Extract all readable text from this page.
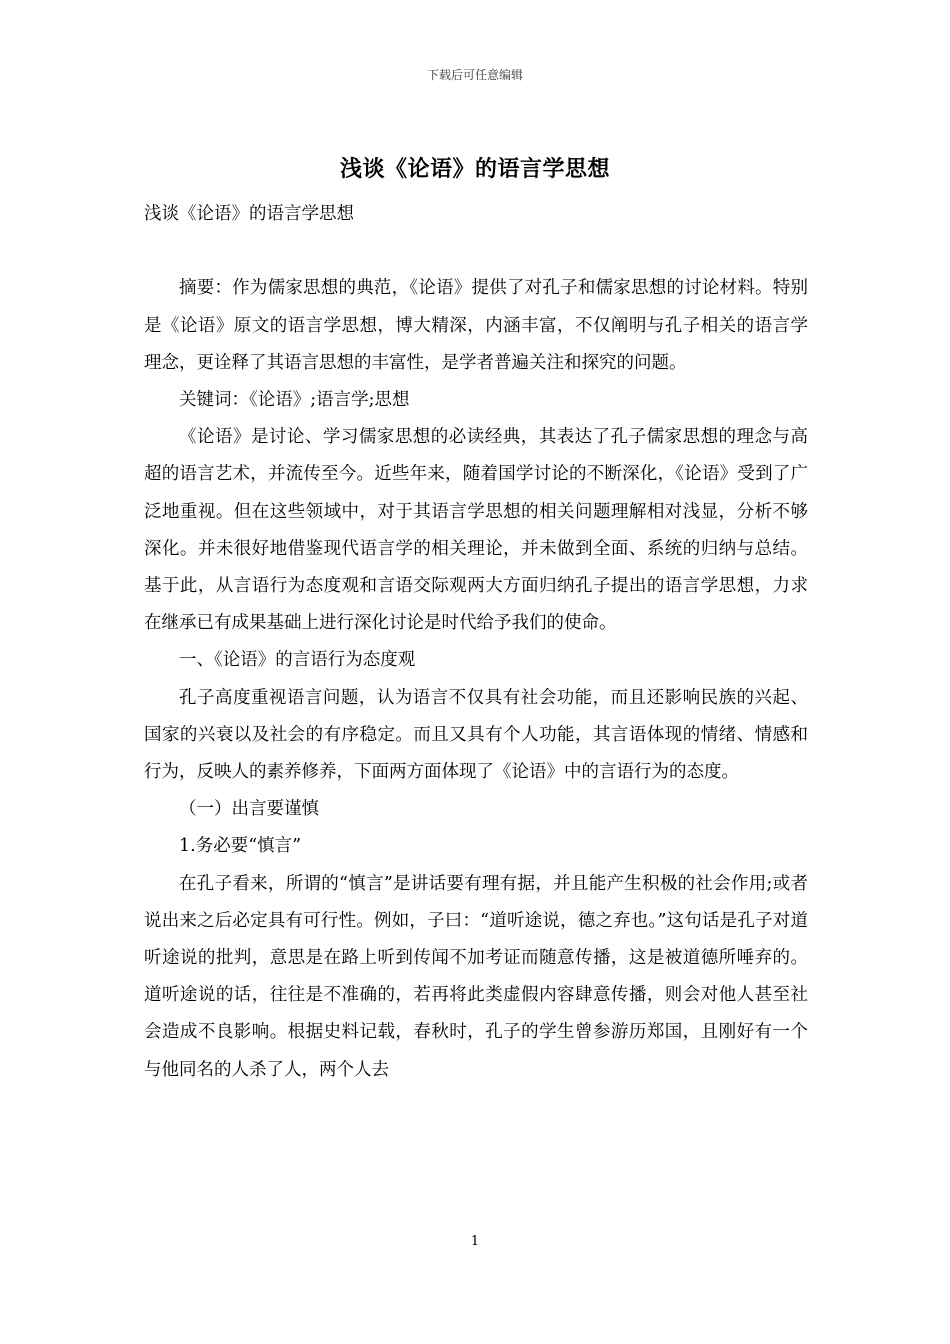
下载后可任意编辑
浅谈《论语》的语言学思想

浅谈《论语》的语言学思想

摘要：作为儒家思想的典范，《论语》提供了对孔子和儒家思想的讨论材料。特别是《论语》原文的语言学思想，博大精深，内涵丰富，不仅阐明与孔子相关的语言学理念，更诠释了其语言思想的丰富性，是学者普遍关注和探究的问题。

关键词：《论语》;语言学;思想

《论语》是讨论、学习儒家思想的必读经典，其表达了孔子儒家思想的理念与高超的语言艺术，并流传至今。近些年来，随着国学讨论的不断深化，《论语》受到了广泛地重视。但在这些领域中，对于其语言学思想的相关问题理解相对浅显，分析不够深化。并未很好地借鉴现代语言学的相关理论，并未做到全面、系统的归纳与总结。基于此，从言语行为态度观和言语交际观两大方面归纳孔子提出的语言学思想，力求在继承已有成果基础上进行深化讨论是时代给予我们的使命。

一、《论语》的言语行为态度观

孔子高度重视语言问题，认为语言不仅具有社会功能，而且还影响民族的兴起、国家的兴衰以及社会的有序稳定。而且又具有个人功能，其言语体现的情绪、情感和行为，反映人的素养修养，下面两方面体现了《论语》中的言语行为的态度。

（一）出言要谨慎

1.务必要“慎言”

在孔子看来，所谓的“慎言”是讲话要有理有据，并且能产生积极的社会作用;或者说出来之后必定具有可行性。例如，子曰：“道听途说，德之弃也。”这句话是孔子对道听途说的批判，意思是在路上听到传闻不加考证而随意传播，这是被道德所唾弃的。道听途说的话，往往是不准确的，若再将此类虚假内容肆意传播，则会对他人甚至社会造成不良影响。根据史料记载，春秋时，孔子的学生曾参游历郑国，且刚好有一个与他同名的人杀了人，两个人去

1
